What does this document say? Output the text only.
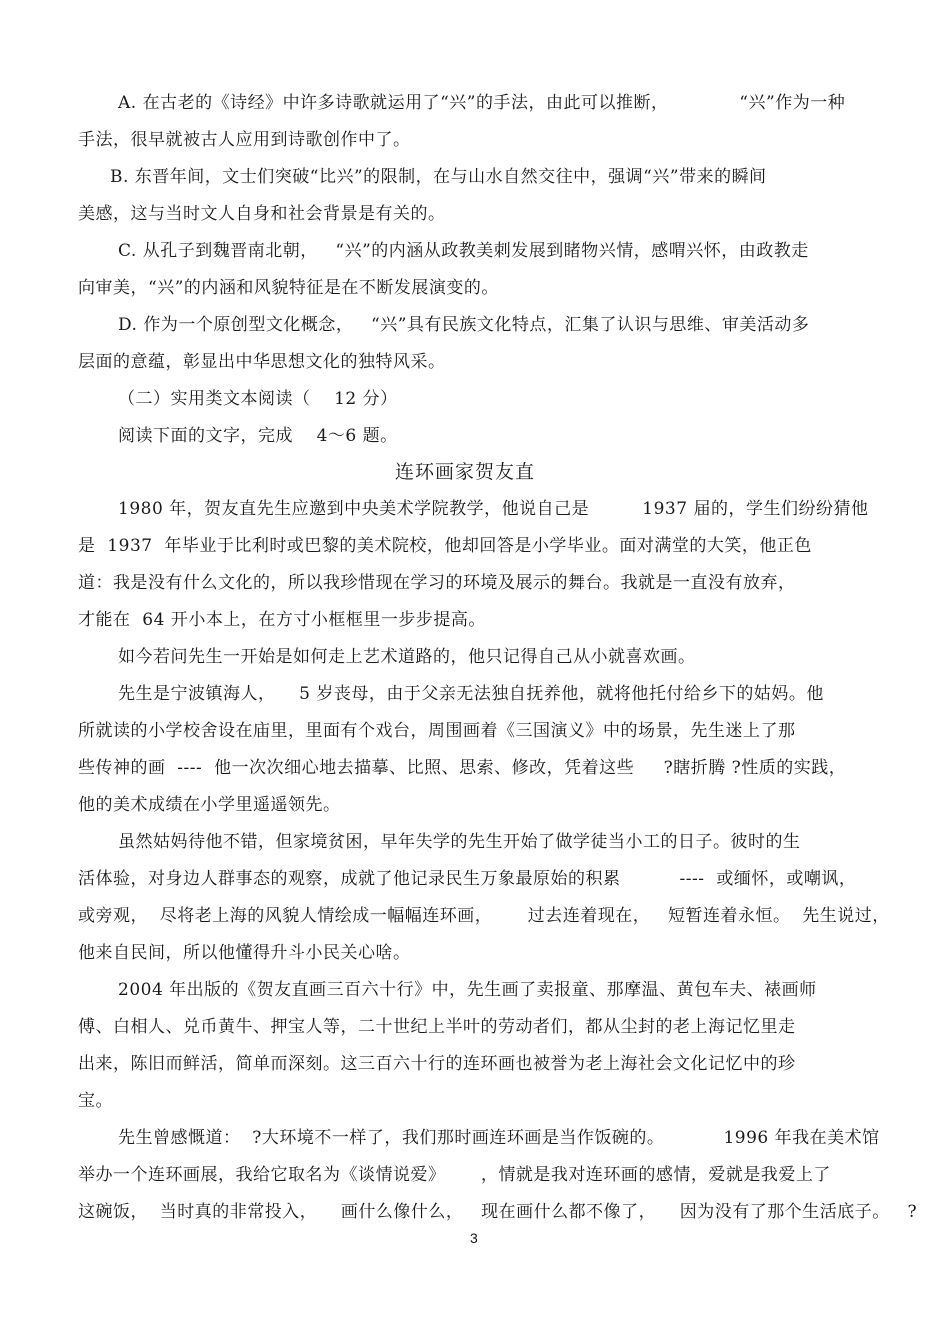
A. 在古老的《诗经》中许多诗歌就运用了“兴”的手法，由此可以推断，            “兴”作为一种
手法，很早就被古人应用到诗歌创作中了。
B. 东晋年间，文士们突破“比兴”的限制，在与山水自然交往中，强调“兴”带来的瞬间
美感，这与当时文人自身和社会背景是有关的。
C. 从孔子到魏晋南北朝，   “兴”的内涵从政教美刺发展到睹物兴情，感喟兴怀，由政教走
向审美，“兴”的内涵和风貌特征是在不断发展演变的。
D. 作为一个原创型文化概念，   “兴”具有民族文化特点，汇集了认识与思维、审美活动多
层面的意蕴，彰显出中华思想文化的独特风采。
（二）实用类文本阅读（    12 分）
阅读下面的文字，完成    4～6 题。
连环画家贺友直
1980 年，贺友直先生应邀到中央美术学院教学，他说自己是         1937 届的，学生们纷纷猜他
是  1937  年毕业于比利时或巴黎的美术院校，他却回答是小学毕业。面对满堂的大笑，他正色
道：我是没有什么文化的，所以我珍惜现在学习的环境及展示的舞台。我就是一直没有放弃，
才能在  64 开小本上，在方寸小框框里一步步提高。
如今若问先生一开始是如何走上艺术道路的，他只记得自己从小就喜欢画。
先生是宁波镇海人，    5 岁丧母，由于父亲无法独自抚养他，就将他托付给乡下的姑妈。他
所就读的小学校舍设在庙里，里面有个戏台，周围画着《三国演义》中的场景，先生迷上了那
些传神的画  ----  他一次次细心地去描摹、比照、思索、修改，凭着这些     ?瞎折腾 ?性质的实践，
他的美术成绩在小学里遥遥领先。
虽然姑妈待他不错，但家境贫困，早年失学的先生开始了做学徒当小工的日子。彼时的生
活体验，对身边人群事态的观察，成就了他记录民生万象最原始的积累          ----  或缅怀，或嘲讽，
或旁观，  尽将老上海的风貌人情绘成一幅幅连环画，      过去连着现在，   短暂连着永恒。  先生说过，
他来自民间，所以他懂得升斗小民关心啥。
2004 年出版的《贺友直画三百六十行》中，先生画了卖报童、那摩温、黄包车夫、裱画师
傅、白相人、兑币黄牛、押宝人等，二十世纪上半叶的劳动者们，都从尘封的老上海记忆里走
出来，陈旧而鲜活，简单而深刻。这三百六十行的连环画也被誉为老上海社会文化记忆中的珍
宝。
先生曾感慨道：  ?大环境不一样了，我们那时画连环画是当作饭碗的。          1996 年我在美术馆
举办一个连环画展，我给它取名为《谈情说爱》      ，情就是我对连环画的感情，爱就是我爱上了
这碗饭，  当时真的非常投入，    画什么像什么，   现在画什么都不像了，    因为没有了那个生活底子。   ?
3
